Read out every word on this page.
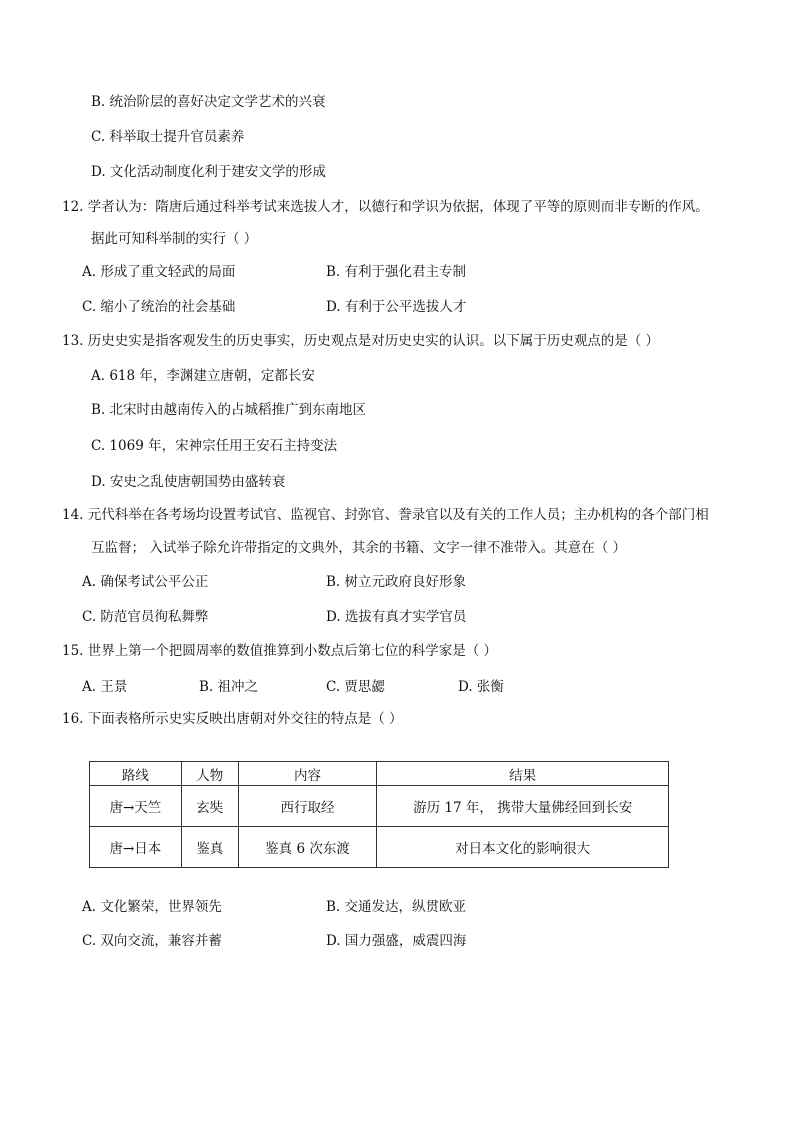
B. 统治阶层的喜好决定文学艺术的兴衰
C. 科举取士提升官员素养
D. 文化活动制度化利于建安文学的形成
12. 学者认为：隋唐后通过科举考试来选拔人才，以德行和学识为依据，体现了平等的原则而非专断的作风。
据此可知科举制的实行（ ）
A. 形成了重文轻武的局面	B. 有利于强化君主专制
C. 缩小了统治的社会基础	D. 有利于公平选拔人才
13. 历史史实是指客观发生的历史事实，历史观点是对历史史实的认识。以下属于历史观点的是（ ）
A. 618 年，李渊建立唐朝，定都长安
B. 北宋时由越南传入的占城稻推广到东南地区
C. 1069 年，宋神宗任用王安石主持变法
D. 安史之乱使唐朝国势由盛转衰
14. 元代科举在各考场均设置考试官、监视官、封弥官、誊录官以及有关的工作人员；主办机构的各个部门相
互监督； 入试举子除允许带指定的文典外，其余的书籍、文字一律不准带入。其意在（ ）
A. 确保考试公平公正	B. 树立元政府良好形象
C. 防范官员徇私舞弊	D. 选拔有真才实学官员
15. 世界上第一个把圆周率的数值推算到小数点后第七位的科学家是（ ）
A. 王景	B. 祖冲之	C. 贾思勰	D. 张衡
16. 下面表格所示史实反映出唐朝对外交往的特点是（ ）
路线	人物	内容	结果
唐→天竺	玄奘	西行取经	游历 17 年， 携带大量佛经回到长安
唐→日本	鉴真	鉴真 6 次东渡	对日本文化的影响很大
A. 文化繁荣，世界领先	B. 交通发达，纵贯欧亚
C. 双向交流，兼容并蓄	D. 国力强盛，威震四海
